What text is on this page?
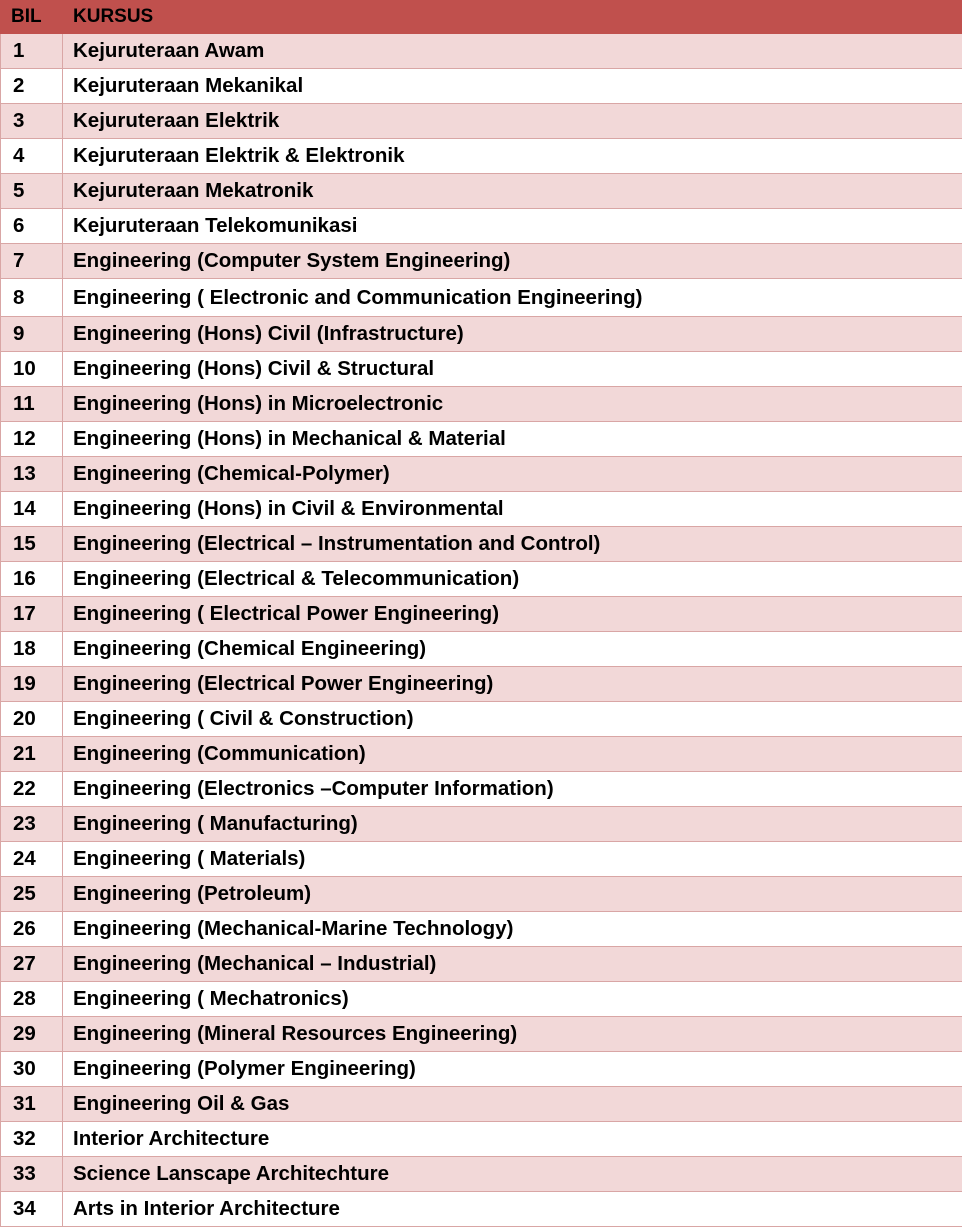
BIL	KURSUS
1	Kejuruteraan Awam
2	Kejuruteraan Mekanikal
3	Kejuruteraan Elektrik
4	Kejuruteraan Elektrik & Elektronik
5	Kejuruteraan Mekatronik
6	Kejuruteraan Telekomunikasi
7	Engineering (Computer System Engineering)
8	Engineering ( Electronic and Communication Engineering)
9	Engineering (Hons) Civil (Infrastructure)
10	Engineering (Hons) Civil & Structural
11	Engineering (Hons) in Microelectronic
12	Engineering (Hons) in Mechanical & Material
13	Engineering (Chemical-Polymer)
14	Engineering (Hons) in Civil & Environmental
15	Engineering (Electrical – Instrumentation and Control)
16	Engineering (Electrical & Telecommunication)
17	Engineering ( Electrical Power Engineering)
18	Engineering (Chemical Engineering)
19	Engineering (Electrical Power Engineering)
20	Engineering ( Civil & Construction)
21	Engineering (Communication)
22	Engineering (Electronics –Computer Information)
23	Engineering ( Manufacturing)
24	Engineering ( Materials)
25	Engineering (Petroleum)
26	Engineering (Mechanical-Marine Technology)
27	Engineering (Mechanical – Industrial)
28	Engineering ( Mechatronics)
29	Engineering (Mineral Resources Engineering)
30	Engineering (Polymer Engineering)
31	Engineering Oil & Gas
32	Interior Architecture
33	Science Lanscape Architechture
34	Arts in Interior Architecture
